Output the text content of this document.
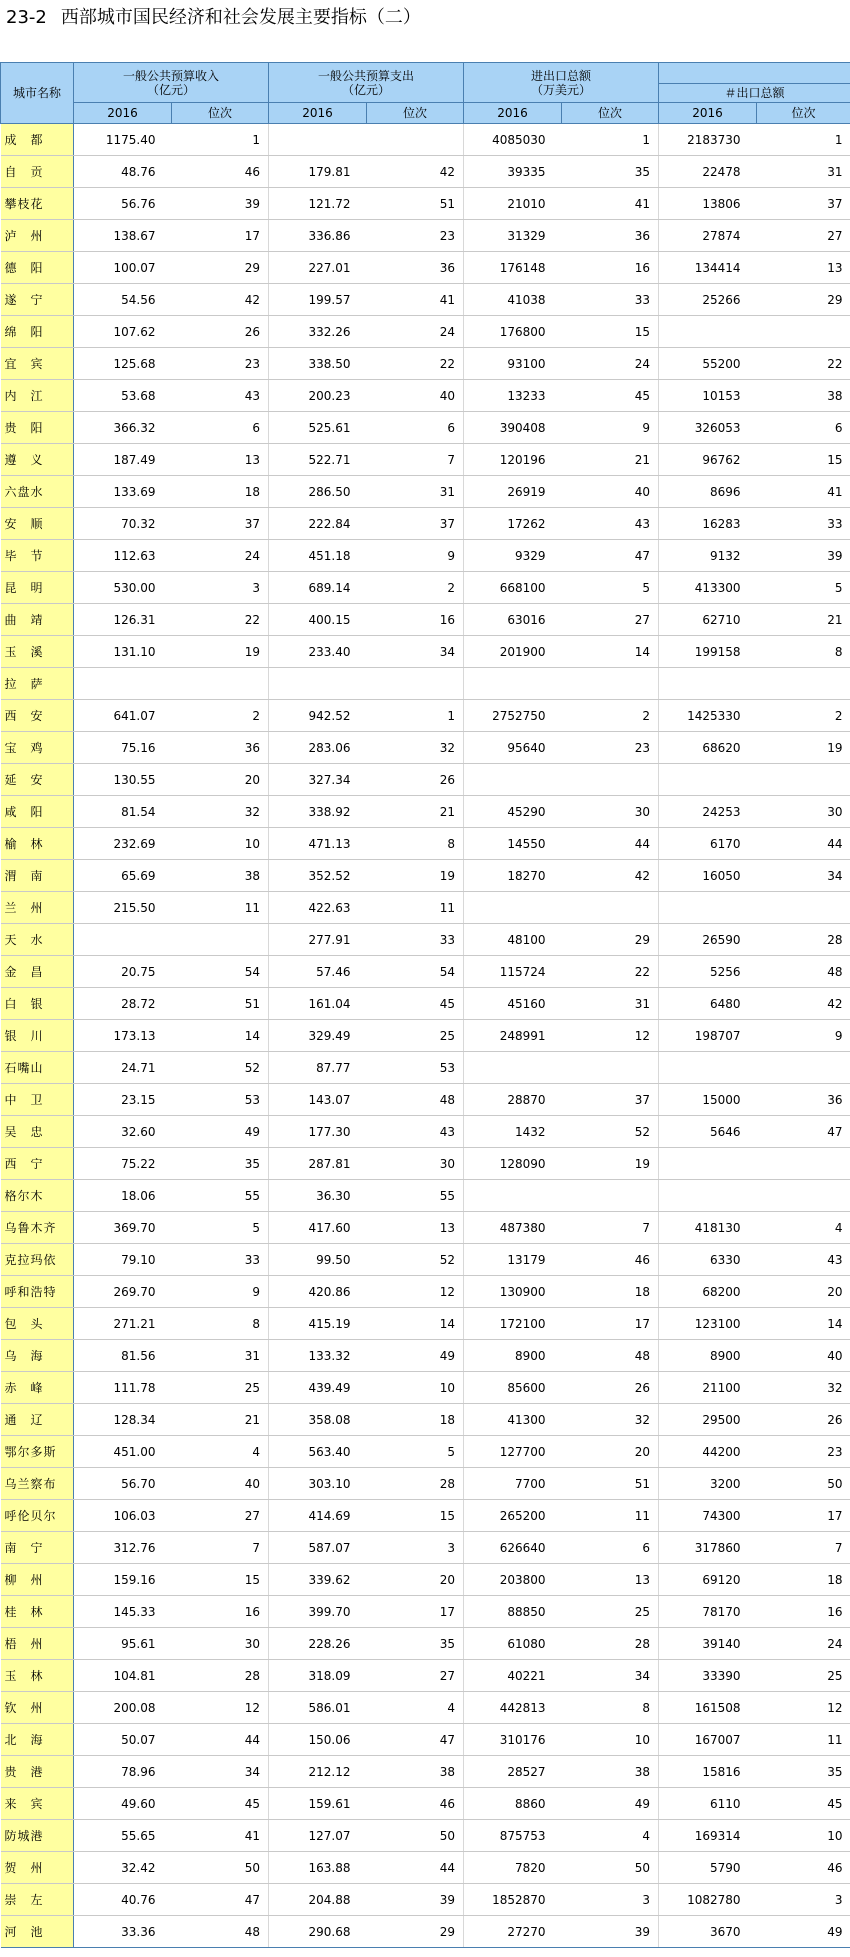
23-2 西部城市国民经济和社会发展主要指标（二）
城市名称	一般公共预算收入
（亿元）		一般公共预算支出
（亿元）		进出口总额
（万美元）			
							＃出口总额	
	2016	位次	2016	位次	2016	位次	2016	位次
成　都	1175.40	1			4085030	1	2183730	1
自　贡	48.76	46	179.81	42	39335	35	22478	31
攀枝花	56.76	39	121.72	51	21010	41	13806	37
泸　州	138.67	17	336.86	23	31329	36	27874	27
德　阳	100.07	29	227.01	36	176148	16	134414	13
遂　宁	54.56	42	199.57	41	41038	33	25266	29
绵　阳	107.62	26	332.26	24	176800	15		
宜　宾	125.68	23	338.50	22	93100	24	55200	22
内　江	53.68	43	200.23	40	13233	45	10153	38
贵　阳	366.32	6	525.61	6	390408	9	326053	6
遵　义	187.49	13	522.71	7	120196	21	96762	15
六盘水	133.69	18	286.50	31	26919	40	8696	41
安　顺	70.32	37	222.84	37	17262	43	16283	33
毕　节	112.63	24	451.18	9	9329	47	9132	39
昆　明	530.00	3	689.14	2	668100	5	413300	5
曲　靖	126.31	22	400.15	16	63016	27	62710	21
玉　溪	131.10	19	233.40	34	201900	14	199158	8
拉　萨								
西　安	641.07	2	942.52	1	2752750	2	1425330	2
宝　鸡	75.16	36	283.06	32	95640	23	68620	19
延　安	130.55	20	327.34	26				
咸　阳	81.54	32	338.92	21	45290	30	24253	30
榆　林	232.69	10	471.13	8	14550	44	6170	44
渭　南	65.69	38	352.52	19	18270	42	16050	34
兰　州	215.50	11	422.63	11				
天　水			277.91	33	48100	29	26590	28
金　昌	20.75	54	57.46	54	115724	22	5256	48
白　银	28.72	51	161.04	45	45160	31	6480	42
银　川	173.13	14	329.49	25	248991	12	198707	9
石嘴山	24.71	52	87.77	53				
中　卫	23.15	53	143.07	48	28870	37	15000	36
吴　忠	32.60	49	177.30	43	1432	52	5646	47
西　宁	75.22	35	287.81	30	128090	19		
格尔木	18.06	55	36.30	55				
乌鲁木齐	369.70	5	417.60	13	487380	7	418130	4
克拉玛依	79.10	33	99.50	52	13179	46	6330	43
呼和浩特	269.70	9	420.86	12	130900	18	68200	20
包　头	271.21	8	415.19	14	172100	17	123100	14
乌　海	81.56	31	133.32	49	8900	48	8900	40
赤　峰	111.78	25	439.49	10	85600	26	21100	32
通　辽	128.34	21	358.08	18	41300	32	29500	26
鄂尔多斯	451.00	4	563.40	5	127700	20	44200	23
乌兰察布	56.70	40	303.10	28	7700	51	3200	50
呼伦贝尔	106.03	27	414.69	15	265200	11	74300	17
南　宁	312.76	7	587.07	3	626640	6	317860	7
柳　州	159.16	15	339.62	20	203800	13	69120	18
桂　林	145.33	16	399.70	17	88850	25	78170	16
梧　州	95.61	30	228.26	35	61080	28	39140	24
玉　林	104.81	28	318.09	27	40221	34	33390	25
钦　州	200.08	12	586.01	4	442813	8	161508	12
北　海	50.07	44	150.06	47	310176	10	167007	11
贵　港	78.96	34	212.12	38	28527	38	15816	35
来　宾	49.60	45	159.61	46	8860	49	6110	45
防城港	55.65	41	127.07	50	875753	4	169314	10
贺　州	32.42	50	163.88	44	7820	50	5790	46
崇　左	40.76	47	204.88	39	1852870	3	1082780	3
河　池	33.36	48	290.68	29	27270	39	3670	49
